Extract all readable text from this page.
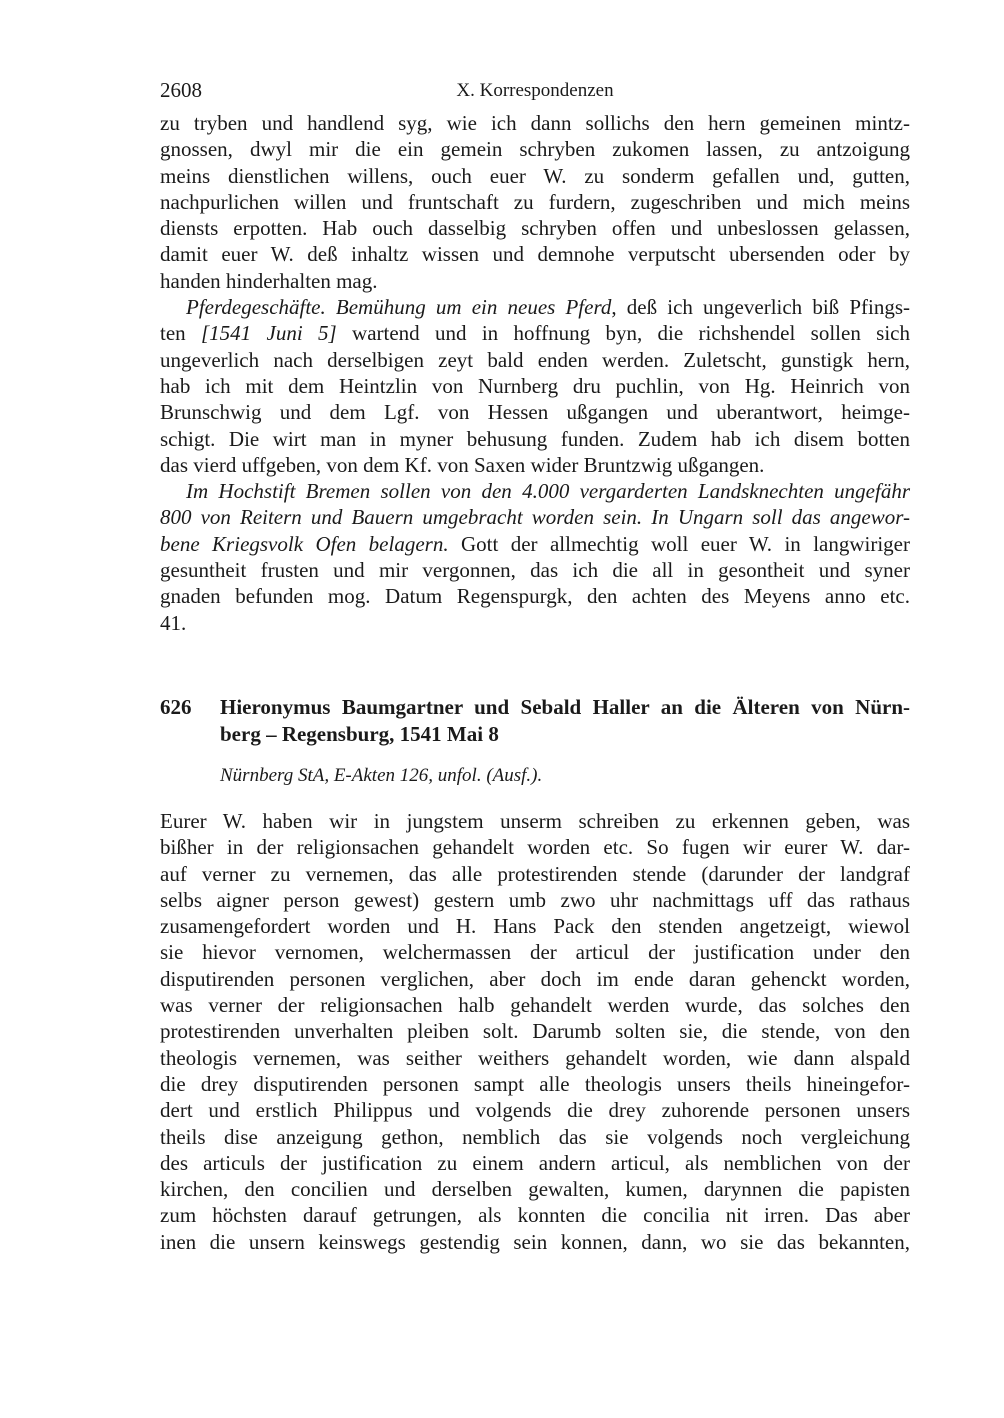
2608	X. Korrespondenzen
zu tryben und handlend syg, wie ich dann sollichs den hern gemeinen mintz-
gnossen, dwyl mir die ein gemein schryben zukomen lassen, zu antzoigung
meins dienstlichen willens, ouch euer W. zu sonderm gefallen und, gutten,
nachpurlichen willen und fruntschaft zu furdern, zugeschriben und mich meins
diensts erpotten. Hab ouch dasselbig schryben offen und unbeslossen gelassen,
damit euer W. deß inhaltz wissen und demnohe verputscht ubersenden oder by
handen hinderhalten mag.
Pferdegeschäfte. Bemühung um ein neues Pferd, deß ich ungeverlich biß Pfings-
ten [1541 Juni 5] wartend und in hoffnung byn, die richshendel sollen sich
ungeverlich nach derselbigen zeyt bald enden werden. Zuletscht, gunstigk hern,
hab ich mit dem Heintzlin von Nurnberg dru puchlin, von Hg. Heinrich von
Brunschwig und dem Lgf. von Hessen ußgangen und uberantwort, heimge-
schigt. Die wirt man in myner behusung funden. Zudem hab ich disem botten
das vierd uffgeben, von dem Kf. von Saxen wider Bruntzwig ußgangen.
Im Hochstift Bremen sollen von den 4.000 vergarderten Landsknechten ungefähr
800 von Reitern und Bauern umgebracht worden sein. In Ungarn soll das angewor-
bene Kriegsvolk Ofen belagern. Gott der allmechtig woll euer W. in langwiriger
gesuntheit frusten und mir vergonnen, das ich die all in gesontheit und syner
gnaden befunden mog. Datum Regenspurgk, den achten des Meyens anno etc.
41.
626 Hieronymus Baumgartner und Sebald Haller an die Älteren von Nürn-
berg – Regensburg, 1541 Mai 8
Nürnberg StA, E-Akten 126, unfol. (Ausf.).
Eurer W. haben wir in jungstem unserm schreiben zu erkennen geben, was
bißher in der religionsachen gehandelt worden etc. So fugen wir eurer W. dar-
auf verner zu vernemen, das alle protestirenden stende (darunder der landgraf
selbs aigner person gewest) gestern umb zwo uhr nachmittags uff das rathaus
zusamengefordert worden und H. Hans Pack den stenden angetzeigt, wiewol
sie hievor vernomen, welchermassen der articul der justification under den
disputirenden personen verglichen, aber doch im ende daran gehenckt worden,
was verner der religionsachen halb gehandelt werden wurde, das solches den
protestirenden unverhalten pleiben solt. Darumb solten sie, die stende, von den
theologis vernemen, was seither weithers gehandelt worden, wie dann alspald
die drey disputirenden personen sampt alle theologis unsers theils hineingefor-
dert und erstlich Philippus und volgends die drey zuhorende personen unsers
theils dise anzeigung gethon, nemblich das sie volgends noch vergleichung
des articuls der justification zu einem andern articul, als nemblichen von der
kirchen, den concilien und derselben gewalten, kumen, darynnen die papisten
zum höchsten darauf getrungen, als konnten die concilia nit irren. Das aber
inen die unsern keinswegs gestendig sein konnen, dann, wo sie das bekannten,
